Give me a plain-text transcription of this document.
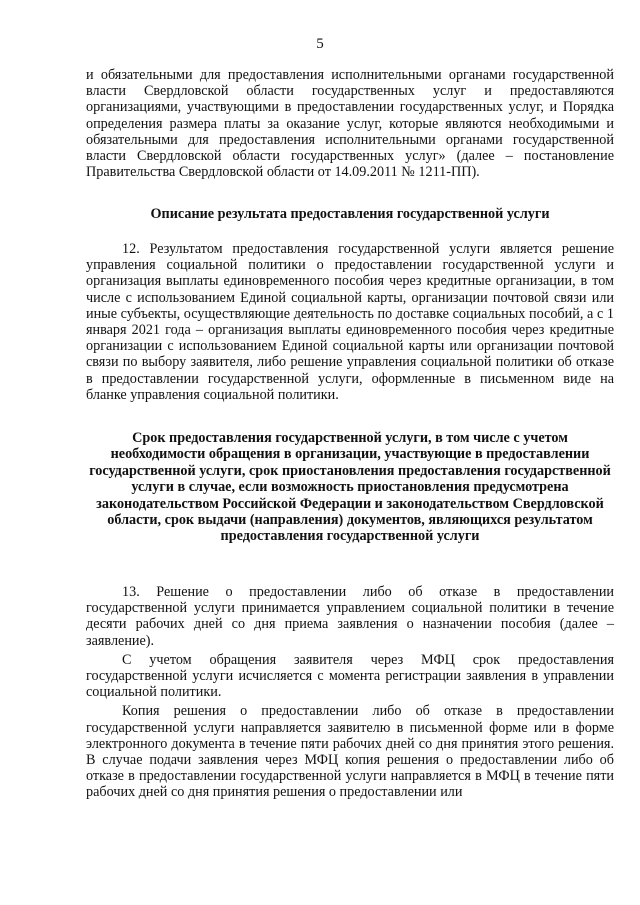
5

и обязательными для предоставления исполнительными органами государственной власти Свердловской области государственных услуг и предоставляются организациями, участвующими в предоставлении государственных услуг, и Порядка определения размера платы за оказание услуг, которые являются необходимыми и обязательными для предоставления исполнительными органами государственной власти Свердловской области государственных услуг» (далее – постановление Правительства Свердловской области от 14.09.2011 № 1211-ПП).

Описание результата предоставления государственной услуги

12. Результатом предоставления государственной услуги является решение управления социальной политики о предоставлении государственной услуги и организация выплаты единовременного пособия через кредитные организации, в том числе с использованием Единой социальной карты, организации почтовой связи или иные субъекты, осуществляющие деятельность по доставке социальных пособий, а с 1 января 2021 года – организация выплаты единовременного пособия через кредитные организации с использованием Единой социальной карты или организации почтовой связи по выбору заявителя, либо решение управления социальной политики об отказе в предоставлении государственной услуги, оформленные в письменном виде на бланке управления социальной политики.

Срок предоставления государственной услуги, в том числе с учетом необходимости обращения в организации, участвующие в предоставлении государственной услуги, срок приостановления предоставления государственной услуги в случае, если возможность приостановления предусмотрена законодательством Российской Федерации и законодательством Свердловской области, срок выдачи (направления) документов, являющихся результатом предоставления государственной услуги

13. Решение о предоставлении либо об отказе в предоставлении государственной услуги принимается управлением социальной политики в течение десяти рабочих дней со дня приема заявления о назначении пособия (далее – заявление).

С учетом обращения заявителя через МФЦ срок предоставления государственной услуги исчисляется с момента регистрации заявления в управлении социальной политики.

Копия решения о предоставлении либо об отказе в предоставлении государственной услуги направляется заявителю в письменной форме или в форме электронного документа в течение пяти рабочих дней со дня принятия этого решения. В случае подачи заявления через МФЦ копия решения о предоставлении либо об отказе в предоставлении государственной услуги направляется в МФЦ в течение пяти рабочих дней со дня принятия решения о предоставлении или
